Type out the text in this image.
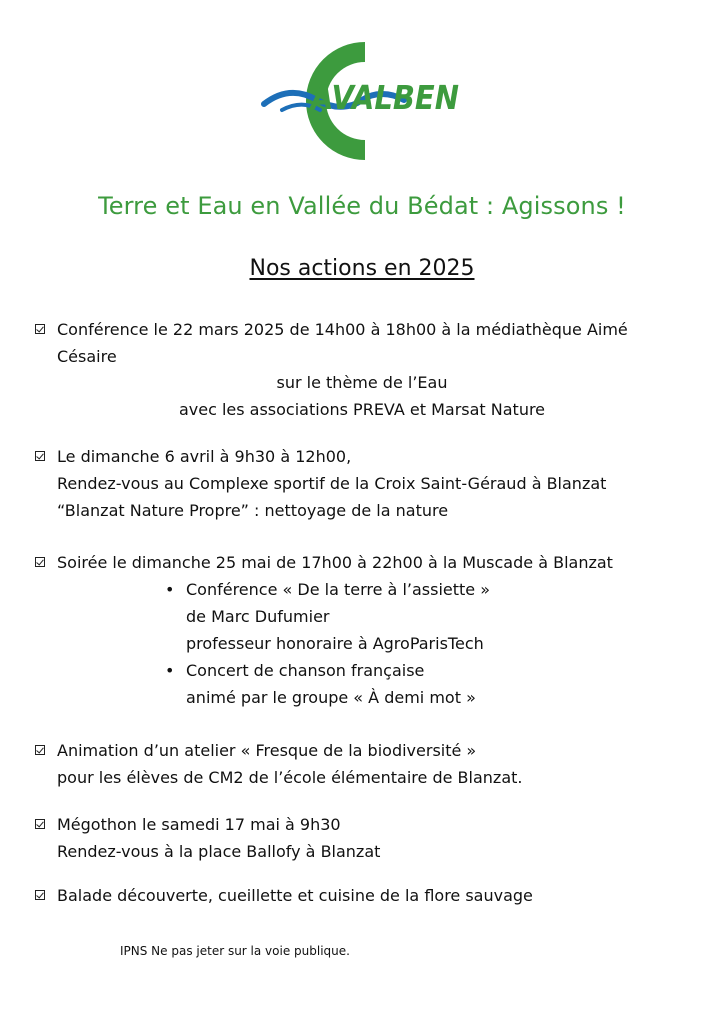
AVALBEN
Terre et Eau en Vallée du Bédat : Agissons !
Nos actions en 2025
Conférence le 22 mars 2025 de 14h00 à 18h00 à la médiathèque Aimé
Césaire
sur le thème de l’Eau
avec les associations PREVA et Marsat Nature
Le dimanche 6 avril à 9h30 à 12h00,
Rendez-vous au Complexe sportif de la Croix Saint-Géraud à Blanzat
“Blanzat Nature Propre” : nettoyage de la nature
Soirée le dimanche 25 mai de 17h00 à 22h00 à la Muscade à Blanzat
• Conférence « De la terre à l’assiette »
de Marc Dufumier
professeur honoraire à AgroParisTech
• Concert de chanson française
animé par le groupe « À demi mot »
Animation d’un atelier « Fresque de la biodiversité »
pour les élèves de CM2 de l’école élémentaire de Blanzat.
Mégothon le samedi 17 mai à 9h30
Rendez-vous à la place Ballofy à Blanzat
Balade découverte, cueillette et cuisine de la flore sauvage
IPNS Ne pas jeter sur la voie publique.
